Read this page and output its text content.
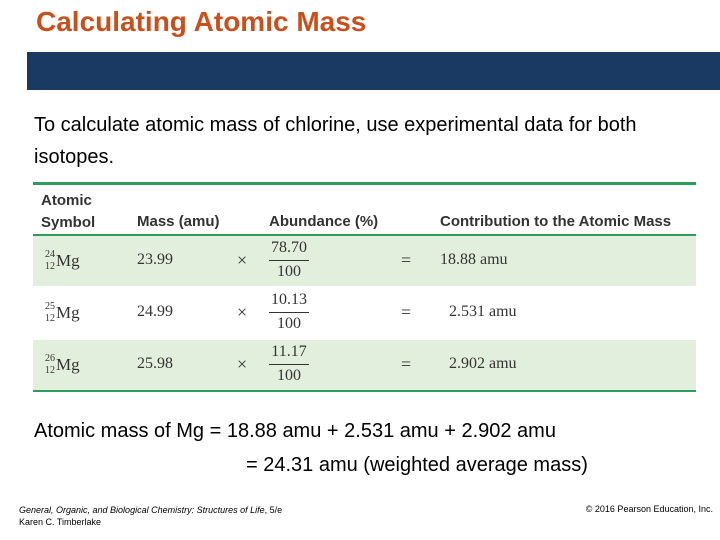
Calculating Atomic Mass
To calculate atomic mass of chlorine, use experimental data for both isotopes.
Atomic
Symbol	Mass (amu)	Abundance (%)	Contribution to the Atomic Mass
24
12 Mg	23.99	× $\frac{78.70}{100}$	= 18.88 amu
25
12 Mg	24.99	× $\frac{10.13}{100}$	= 2.531 amu
26
12 Mg	25.98	× $\frac{11.17}{100}$	= 2.902 amu
Atomic mass of Mg = 18.88 amu + 2.531 amu + 2.902 amu
= 24.31 amu (weighted average mass)
General, Organic, and Biological Chemistry: Structures of Life, 5/e
Karen C. Timberlake
© 2016 Pearson Education, Inc.
